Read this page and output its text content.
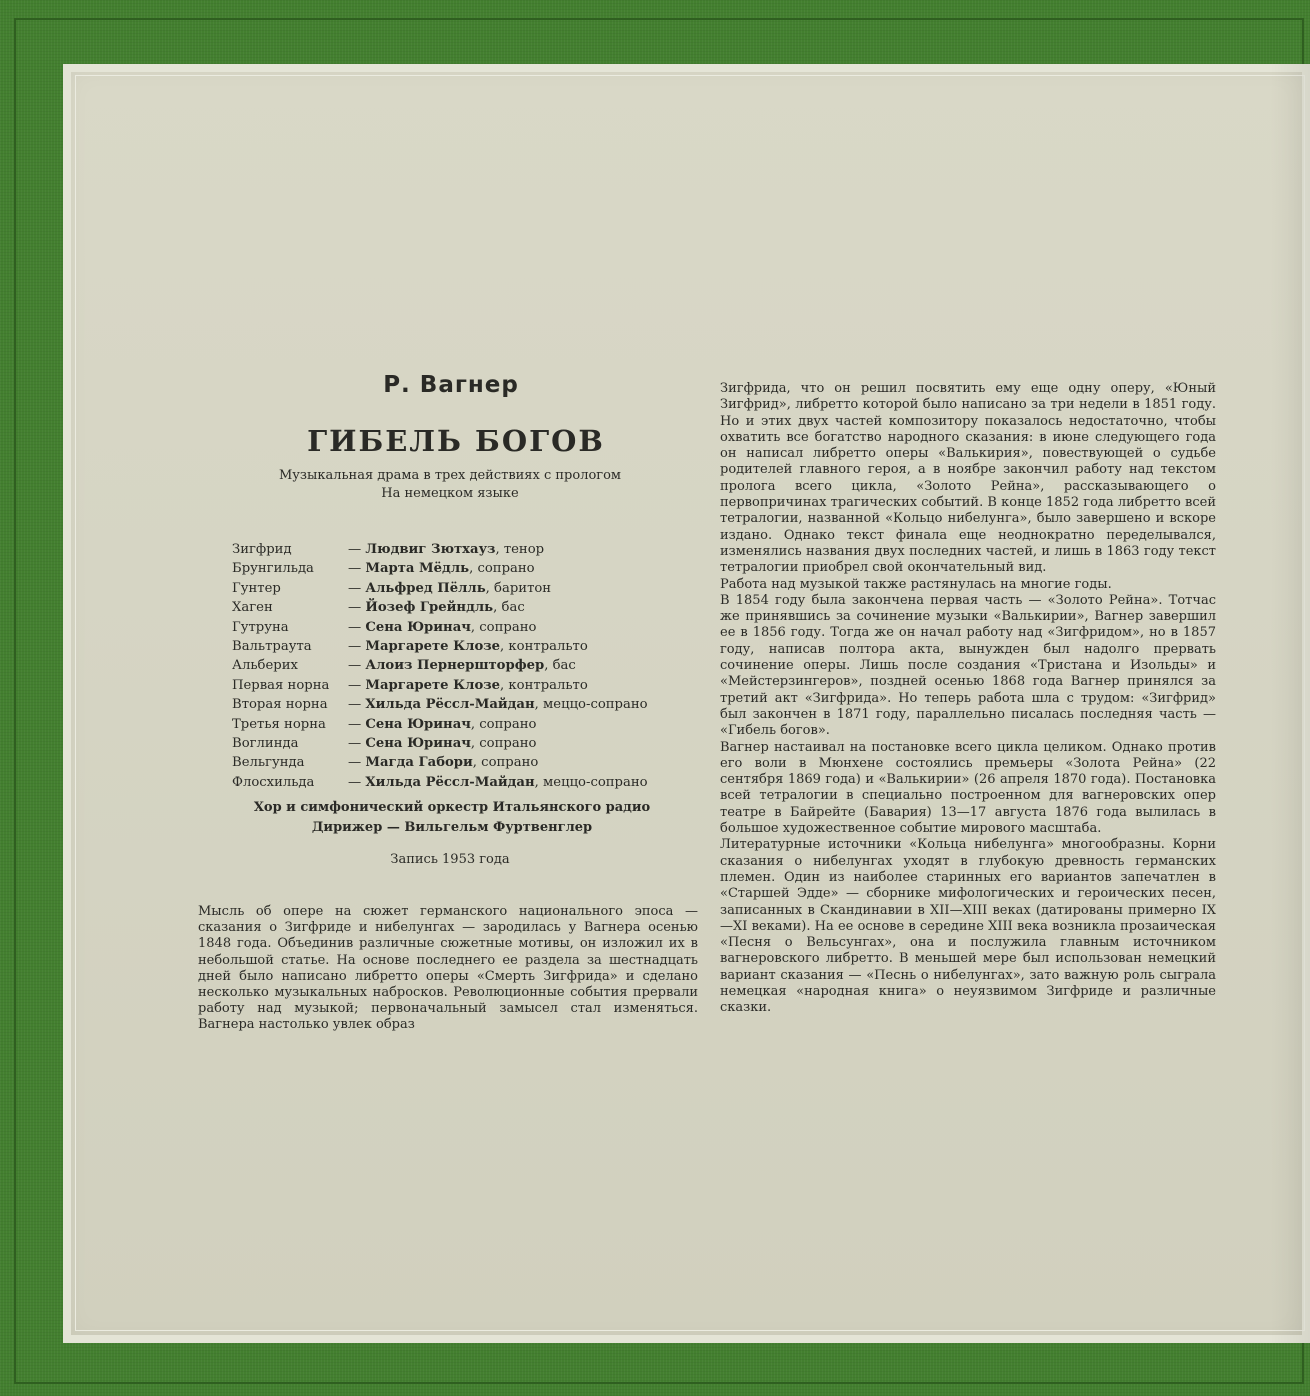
Р. Вагнер
ГИБЕЛЬ БОГОВ
Музыкальная драма в трех действиях с прологом
На немецком языке
Зигфрид	— Людвиг Зютхауз, тенор
Брунгильда	— Марта Мёдль, сопрано
Гунтер	— Альфред Пёлль, баритон
Хаген	— Йозеф Грейндль, бас
Гутруна	— Сена Юринач, сопрано
Вальтраута	— Маргарете Клозе, контральто
Альберих	— Алоиз Пернершторфер, бас
Первая норна — Маргарете Клозе, контральто
Вторая норна — Хильда Рёссл-Майдан, меццо-сопрано
Третья норна — Сена Юринач, сопрано
Воглинда	— Сена Юринач, сопрано
Вельгунда	— Магда Габори, сопрано
Флосхильда	— Хильда Рёссл-Майдан, меццо-сопрано
Хор и симфонический оркестр Итальянского радио
Дирижер — Вильгельм Фуртвенглер
Запись 1953 года

Мысль об опере на сюжет германского национального эпоса — сказания о Зигфриде и нибелунгах — зародилась у Вагнера осенью 1848 года. Объединив различные сюжетные мотивы, он изложил их в небольшой статье. На основе последнего ее раздела за шестнадцать дней было написано либретто оперы «Смерть Зигфрида» и сделано несколько музыкальных набросков. Революционные события прервали работу над музыкой; первоначальный замысел стал изменяться. Вагнера настолько увлек образ

Зигфрида, что он решил посвятить ему еще одну оперу, «Юный Зигфрид», либретто которой было написано за три недели в 1851 году. Но и этих двух частей композитору показалось недостаточно, чтобы охватить все богатство народного сказания: в июне следующего года он написал либретто оперы «Валькирия», повествующей о судьбе родителей главного героя, а в ноябре закончил работу над текстом пролога всего цикла, «Золото Рейна», рассказывающего о первопричинах трагических событий. В конце 1852 года либретто всей тетралогии, названной «Кольцо нибелунга», было завершено и вскоре издано. Однако текст финала еще неоднократно переделывался, изменялись названия двух последних частей, и лишь в 1863 году текст тетралогии приобрел свой окончательный вид.

Работа над музыкой также растянулась на многие годы.

В 1854 году была закончена первая часть — «Золото Рейна». Тотчас же принявшись за сочинение музыки «Валькирии», Вагнер завершил ее в 1856 году. Тогда же он начал работу над «Зигфридом», но в 1857 году, написав полтора акта, вынужден был надолго прервать сочинение оперы. Лишь после создания «Тристана и Изольды» и «Мейстерзингеров», поздней осенью 1868 года Вагнер принялся за третий акт «Зигфрида». Но теперь работа шла с трудом: «Зигфрид» был закончен в 1871 году, параллельно писалась последняя часть — «Гибель богов».

Вагнер настаивал на постановке всего цикла целиком. Однако против его воли в Мюнхене состоялись премьеры «Золота Рейна» (22 сентября 1869 года) и «Валькирии» (26 апреля 1870 года). Постановка всей тетралогии в специально построенном для вагнеровских опер театре в Байрейте (Бавария) 13—17 августа 1876 года вылилась в большое художественное событие мирового масштаба.

Литературные источники «Кольца нибелунга» многообразны. Корни сказания о нибелунгах уходят в глубокую древность германских племен. Один из наиболее старинных его вариантов запечатлен в «Старшей Эдде» — сборнике мифологических и героических песен, записанных в Скандинавии в XII—XIII веках (датированы примерно IX—XI веками). На ее основе в середине XIII века возникла прозаическая «Песня о Вельсунгах», она и послужила главным источником вагнеровского либретто. В меньшей мере был использован немецкий вариант сказания — «Песнь о нибелунгах», зато важную роль сыграла немецкая «народная книга» о неуязвимом Зигфриде и различные сказки.
